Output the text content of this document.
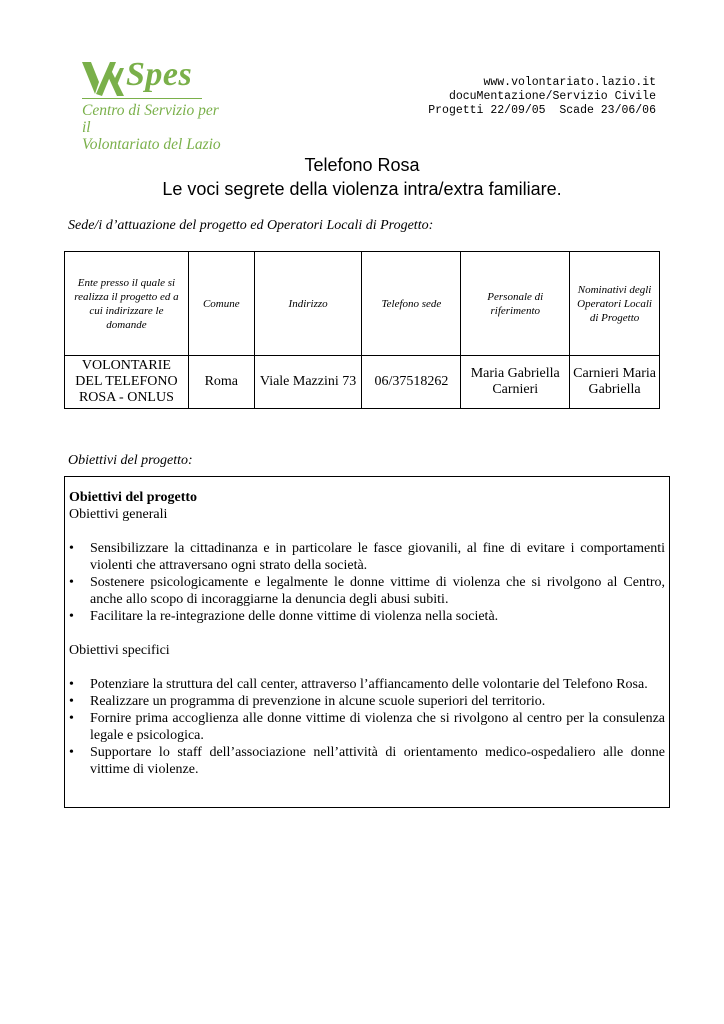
Spes
Centro di Servizio per il
Volontariato del Lazio
www.volontariato.lazio.it
docuMentazione/Servizio Civile
Progetti 22/09/05  Scade 23/06/06
Telefono Rosa
Le voci segrete della violenza intra/extra familiare.
Sede/i d’attuazione del progetto ed Operatori Locali di Progetto:
Ente presso il quale si realizza il progetto ed a cui indirizzare le domande	Comune	Indirizzo	Telefono sede	Personale di riferimento	Nominativi degli Operatori Locali di Progetto
VOLONTARIE DEL TELEFONO ROSA - ONLUS	Roma	Viale Mazzini 73	06/37518262	Maria Gabriella Carnieri	Carnieri Maria Gabriella
Obiettivi del progetto:
Obiettivi del progetto
Obiettivi generali
• Sensibilizzare la cittadinanza e in particolare le fasce giovanili, al fine di evitare i comportamenti violenti che attraversano ogni strato della società.
• Sostenere psicologicamente e legalmente le donne vittime di violenza che si rivolgono al Centro, anche allo scopo di incoraggiarne la denuncia degli abusi subiti.
• Facilitare la re-integrazione delle donne vittime di violenza nella società.
Obiettivi specifici
• Potenziare la struttura del call center, attraverso l’affiancamento delle volontarie del Telefono Rosa.
• Realizzare un programma di prevenzione in alcune scuole superiori del territorio.
• Fornire prima accoglienza alle donne vittime di violenza che si rivolgono al centro per la consulenza legale e psicologica.
• Supportare lo staff dell’associazione nell’attività di orientamento medico-ospedaliero alle donne vittime di violenze.
